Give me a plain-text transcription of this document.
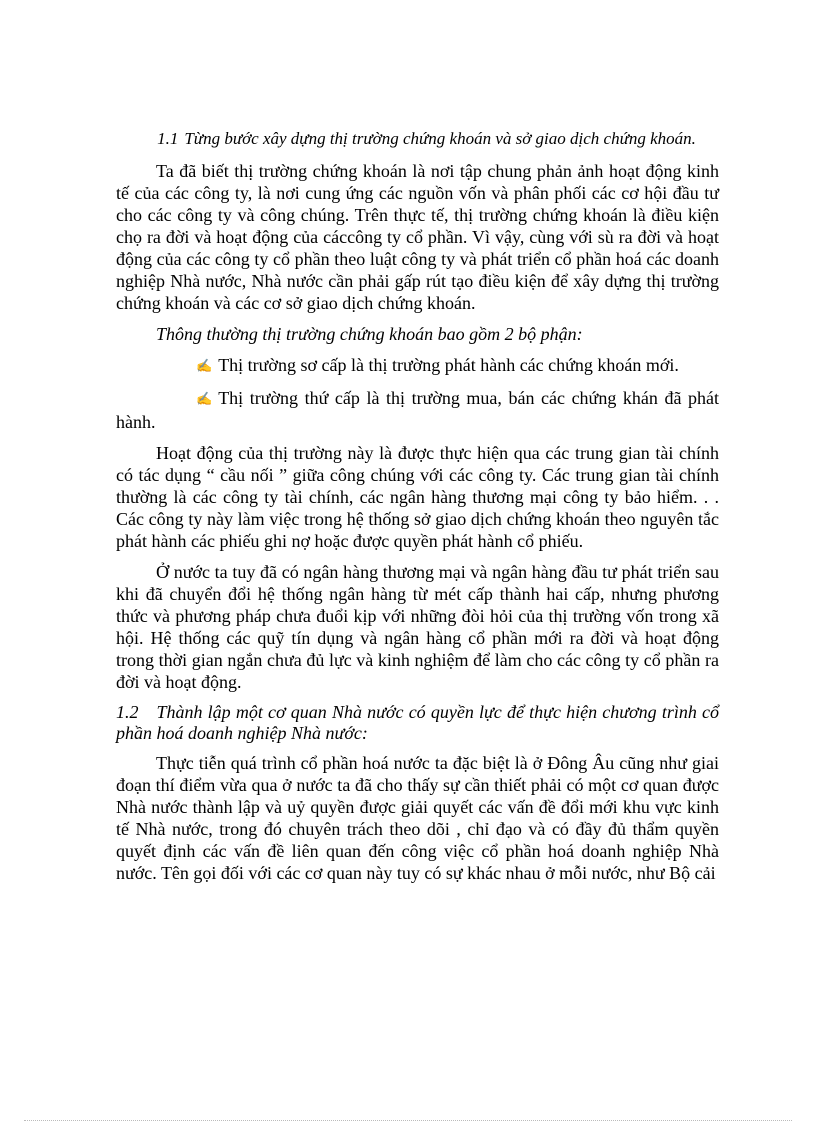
1.1 Từng bước xây dựng thị trường chứng khoán và sở giao dịch chứng khoán.

Ta đã biết thị trường chứng khoán là nơi tập chung phản ảnh hoạt động kinh tế của các công ty, là nơi cung ứng các nguồn vốn và phân phối các cơ hội đầu tư cho các công ty và công chúng. Trên thực tế, thị trường chứng khoán là điều kiện chọ ra đời và hoạt động của cáccông ty cổ phần. Vì vậy, cùng với sù ra đời và hoạt động của các công ty cổ phần theo luật công ty và phát triển cổ phần hoá các doanh nghiệp Nhà nước, Nhà nước cần phải gấp rút tạo điều kiện để xây dựng thị trường chứng khoán và các cơ sở giao dịch chứng khoán.

Thông thường thị trường chứng khoán bao gồm 2 bộ phận:

✍ Thị trường sơ cấp là thị trường phát hành các chứng khoán mới.

✍ Thị trường thứ cấp là thị trường mua, bán các chứng khán đã phát hành.

Hoạt động của thị trường này là được thực hiện qua các trung gian tài chính có tác dụng “ cầu nối ” giữa công chúng với các công ty. Các trung gian tài chính thường là các công ty tài chính, các ngân hàng thương mại công ty bảo hiểm. . . Các công ty này làm việc trong hệ thống sở giao dịch chứng khoán theo nguyên tắc phát hành các phiếu ghi nợ hoặc được quyền phát hành cổ phiếu.

Ở nước ta tuy đã có ngân hàng thương mại và ngân hàng đầu tư phát triển sau khi đã chuyển đổi hệ thống ngân hàng từ mét cấp thành hai cấp, nhưng phương thức và phương pháp chưa đuổi kịp với những đòi hỏi của thị trường vốn trong xã hội. Hệ thống các quỹ tín dụng và ngân hàng cổ phần mới ra đời và hoạt động trong thời gian ngắn chưa đủ lực và kinh nghiệm để làm cho các công ty cổ phần ra đời và hoạt động.

1.2 Thành lập một cơ quan Nhà nước có quyền lực để thực hiện chương trình cổ phần hoá doanh nghiệp Nhà nước:

Thực tiễn quá trình cổ phần hoá nước ta đặc biệt là ở Đông Âu cũng như giai đoạn thí điểm vừa qua ở nước ta đã cho thấy sự cần thiết phải có một cơ quan được Nhà nước thành lập và uỷ quyền được giải quyết các vấn đề đổi mới khu vực kinh tế Nhà nước, trong đó chuyên trách theo dõi , chỉ đạo và có đầy đủ thẩm quyền quyết định các vấn đề liên quan đến công việc cổ phần hoá doanh nghiệp Nhà nước. Tên gọi đối với các cơ quan này tuy có sự khác nhau ở mỗi nước, như Bộ cải
